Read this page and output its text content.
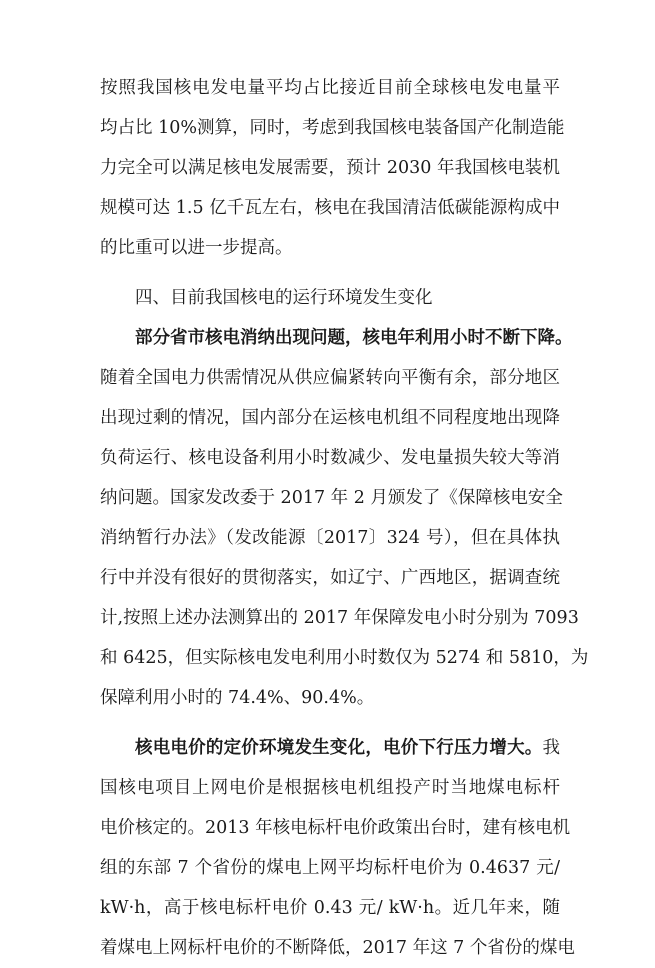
按照我国核电发电量平均占比接近目前全球核电发电量平
均占比 10%测算，同时，考虑到我国核电装备国产化制造能
力完全可以满足核电发展需要，预计 2030 年我国核电装机
规模可达 1.5 亿千瓦左右，核电在我国清洁低碳能源构成中
的比重可以进一步提高。
四、目前我国核电的运行环境发生变化
部分省市核电消纳出现问题，核电年利用小时不断下降。
随着全国电力供需情况从供应偏紧转向平衡有余，部分地区
出现过剩的情况，国内部分在运核电机组不同程度地出现降
负荷运行、核电设备利用小时数减少、发电量损失较大等消
纳问题。国家发改委于 2017 年 2 月颁发了《保障核电安全
消纳暂行办法》（发改能源〔2017〕324 号），但在具体执
行中并没有很好的贯彻落实，如辽宁、广西地区，据调查统
计,按照上述办法测算出的 2017 年保障发电小时分别为 7093
和 6425，但实际核电发电利用小时数仅为 5274 和 5810，为
保障利用小时的 74.4%、90.4%。
核电电价的定价环境发生变化，电价下行压力增大。我
国核电项目上网电价是根据核电机组投产时当地煤电标杆
电价核定的。2013 年核电标杆电价政策出台时，建有核电机
组的东部 7 个省份的煤电上网平均标杆电价为 0.4637 元/
kW·h，高于核电标杆电价 0.43 元/ kW·h。近几年来，随
着煤电上网标杆电价的不断降低，2017 年这 7 个省份的煤电
